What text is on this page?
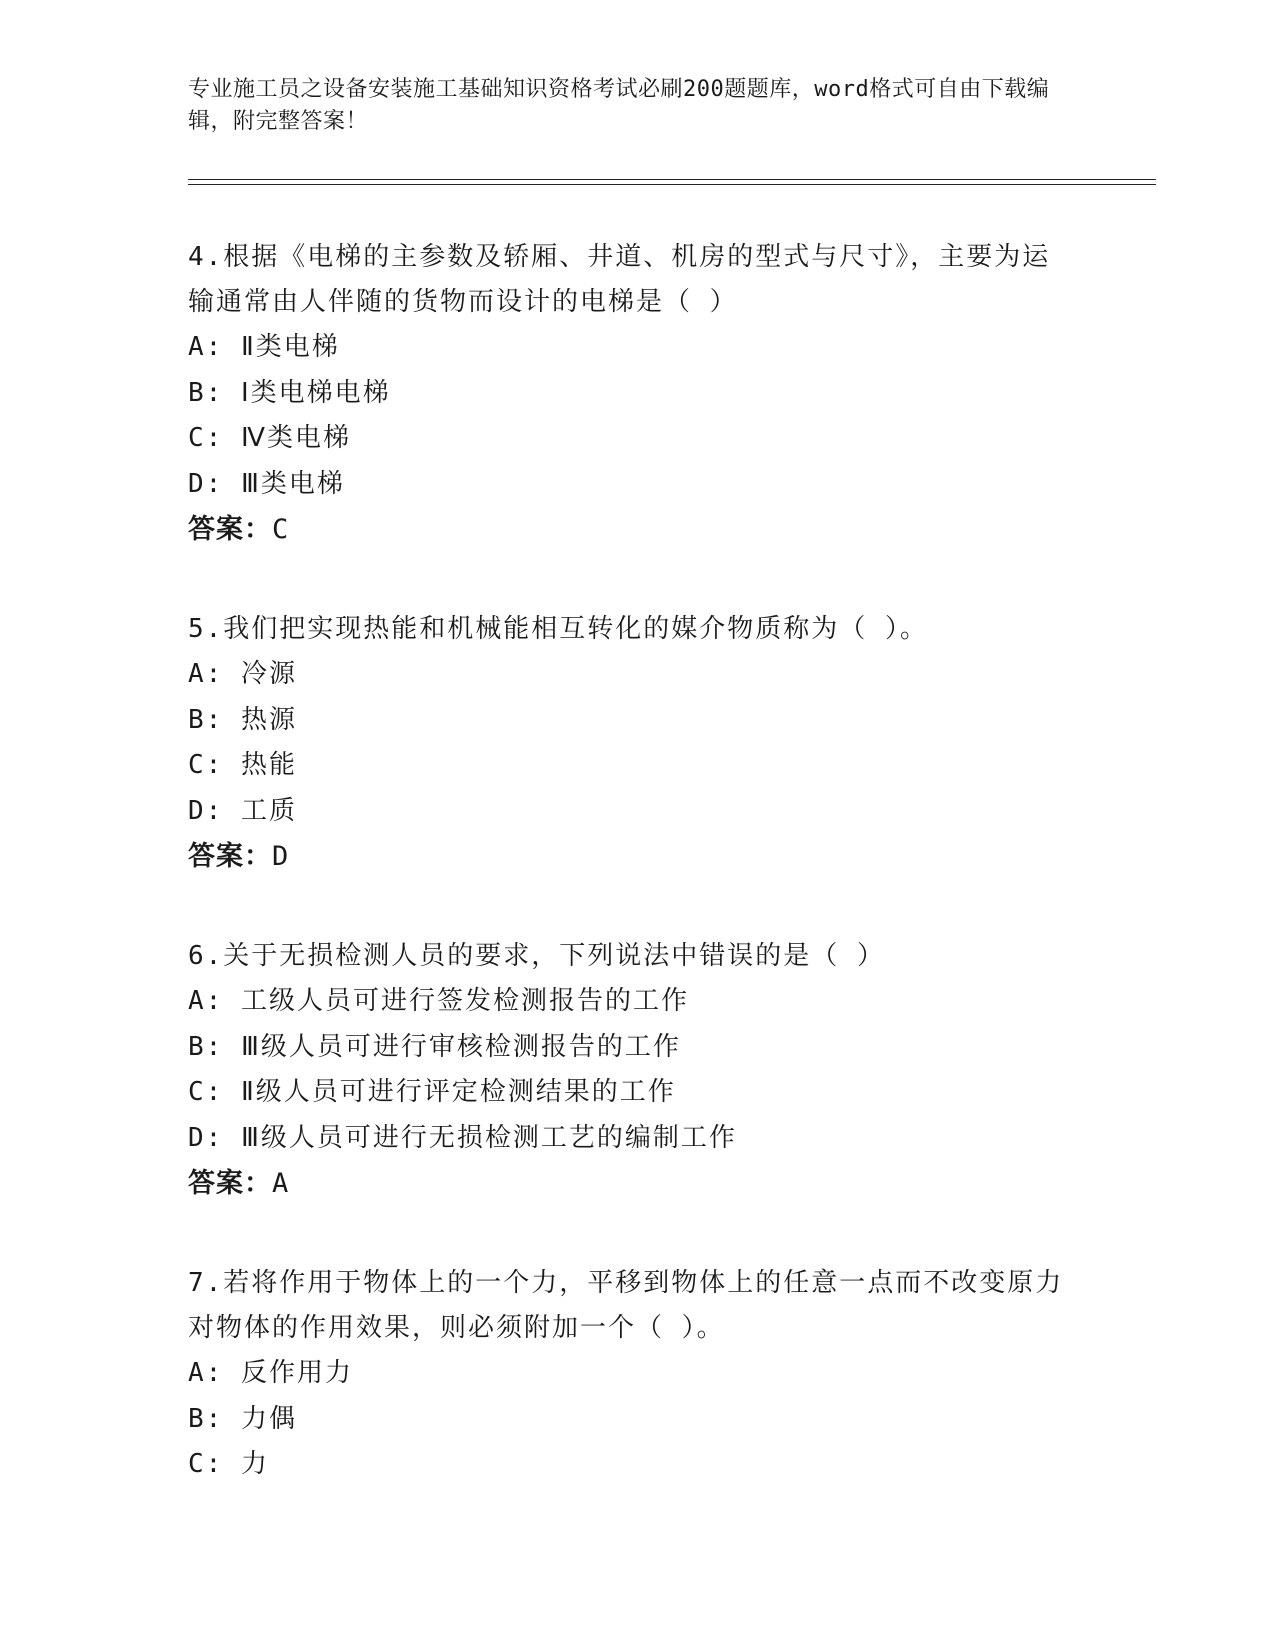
专业施工员之设备安装施工基础知识资格考试必刷200题题库，word格式可自由下载编辑，附完整答案！

4.根据《电梯的主参数及轿厢、井道、机房的型式与尺寸》，主要为运输通常由人伴随的货物而设计的电梯是（ ）

A: Ⅱ类电梯

B: Ⅰ类电梯电梯

C: Ⅳ类电梯

D: Ⅲ类电梯

答案：C

5.我们把实现热能和机械能相互转化的媒介物质称为（ ）。

A: 冷源

B: 热源

C: 热能

D: 工质

答案：D

6.关于无损检测人员的要求，下列说法中错误的是（ ）

A: 工级人员可进行签发检测报告的工作

B: Ⅲ级人员可进行审核检测报告的工作

C: Ⅱ级人员可进行评定检测结果的工作

D: Ⅲ级人员可进行无损检测工艺的编制工作

答案：A

7.若将作用于物体上的一个力，平移到物体上的任意一点而不改变原力对物体的作用效果，则必须附加一个（ ）。

A: 反作用力

B: 力偶

C: 力
